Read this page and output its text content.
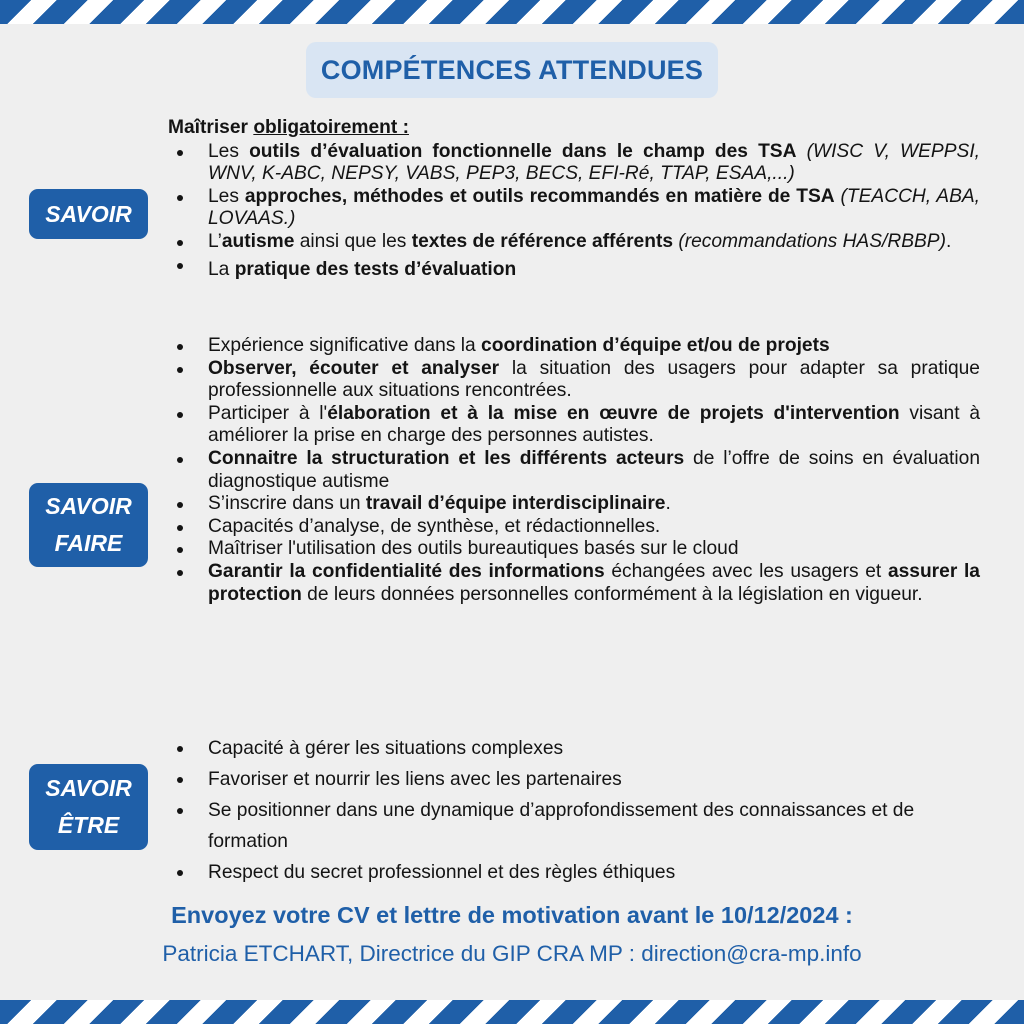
COMPÉTENCES ATTENDUES
SAVOIR

Maîtriser obligatoirement :

Les outils d’évaluation fonctionnelle dans le champ des TSA (WISC V, WEPPSI, WNV, K-ABC, NEPSY, VABS, PEP3, BECS, EFI-Ré, TTAP, ESAA,...)
Les approches, méthodes et outils recommandés en matière de TSA (TEACCH, ABA, LOVAAS.)
L’autisme ainsi que les textes de référence afférents (recommandations HAS/RBBP).
La pratique des tests d’évaluation
SAVOIR
FAIRE
Expérience significative dans la coordination d’équipe et/ou de projets
Observer, écouter et analyser la situation des usagers pour adapter sa pratique professionnelle aux situations rencontrées.
Participer à l'élaboration et à la mise en œuvre de projets d'intervention visant à améliorer la prise en charge des personnes autistes.
Connaitre la structuration et les différents acteurs de l’offre de soins en évaluation diagnostique autisme
S’inscrire dans un travail d’équipe interdisciplinaire.
Capacités d’analyse, de synthèse, et rédactionnelles.
Maîtriser l'utilisation des outils bureautiques basés sur le cloud
Garantir la confidentialité des informations échangées avec les usagers et assurer la protection de leurs données personnelles conformément à la législation en vigueur.
SAVOIR
ÊTRE
Capacité à gérer les situations complexes
Favoriser et nourrir les liens avec les partenaires
Se positionner dans une dynamique d’approfondissement des connaissances et de formation
Respect du secret professionnel et des règles éthiques
Envoyez votre CV et lettre de motivation avant le 10/12/2024 :
Patricia ETCHART, Directrice du GIP CRA MP : direction@cra-mp.info
